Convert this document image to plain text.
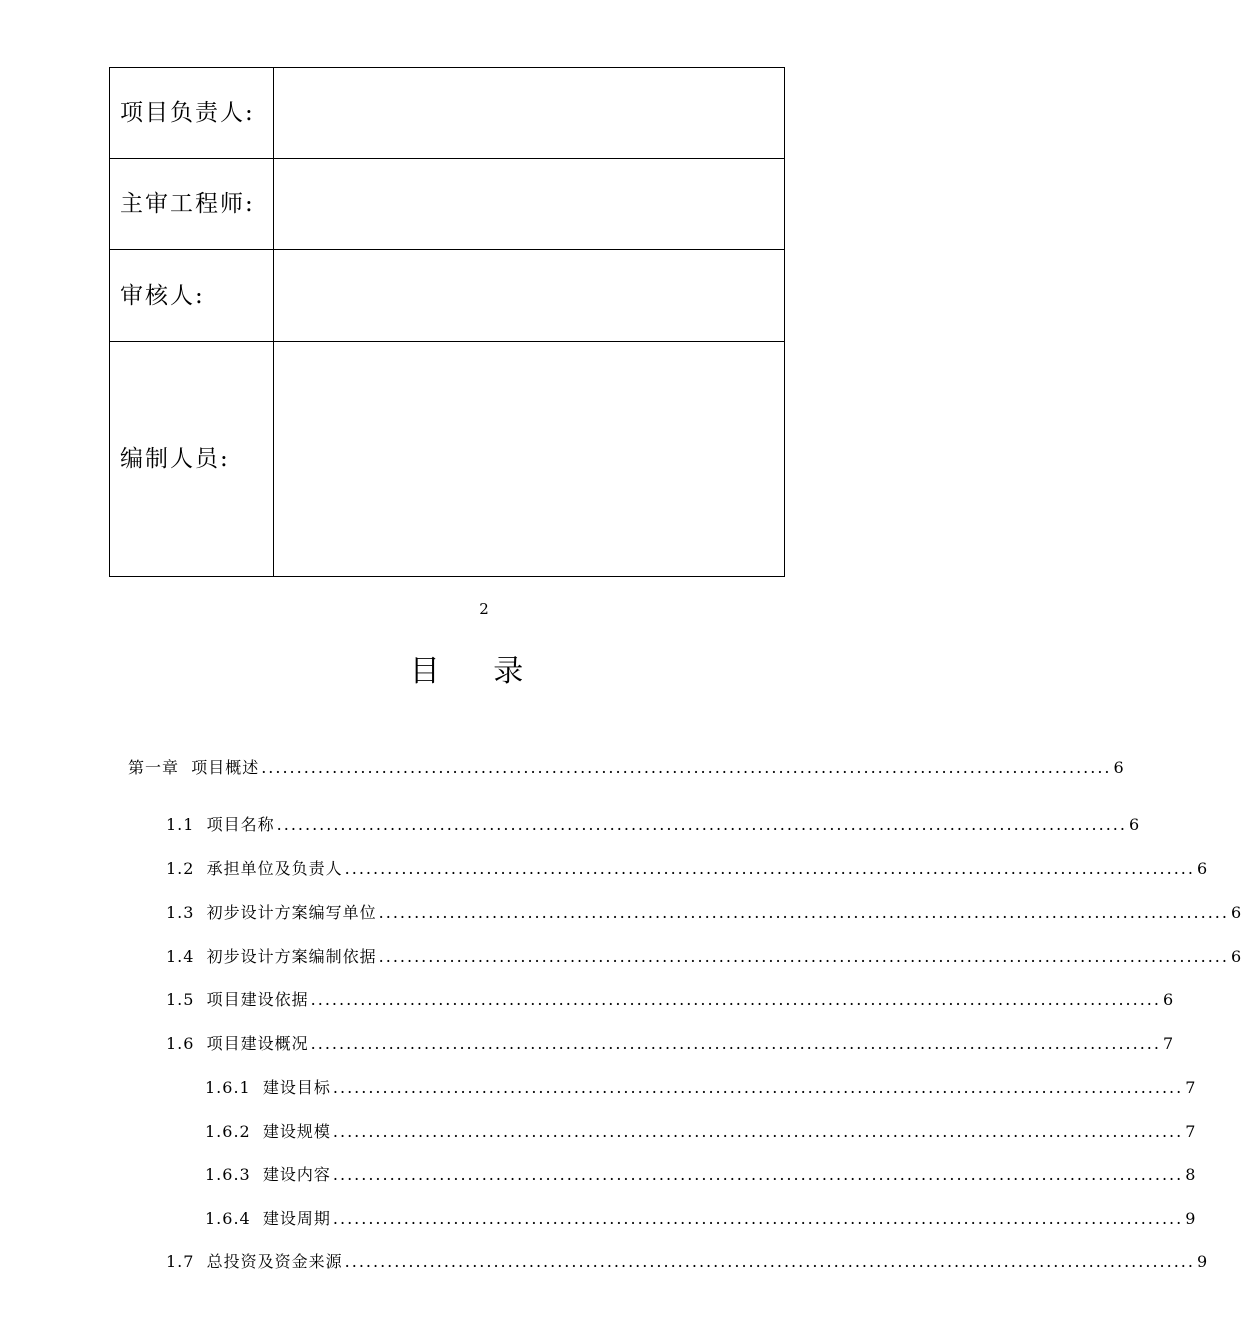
项目负责人:	
主审工程师:	
审核人:	
编制人员:	
2
目 录
第一章 项目概述 ........................................................................................................................ 6
1.1 项目名称 ........................................................................................................................ 6
1.2 承担单位及负责人 ........................................................................................................................ 6
1.3 初步设计方案编写单位 ........................................................................................................................ 6
1.4 初步设计方案编制依据 ........................................................................................................................ 6
1.5 项目建设依据 ........................................................................................................................ 6
1.6 项目建设概况 ........................................................................................................................ 7
1.6.1 建设目标 ........................................................................................................................ 7
1.6.2 建设规模 ........................................................................................................................ 7
1.6.3 建设内容 ........................................................................................................................ 8
1.6.4 建设周期 ........................................................................................................................ 9
1.7 总投资及资金来源 ........................................................................................................................ 9
